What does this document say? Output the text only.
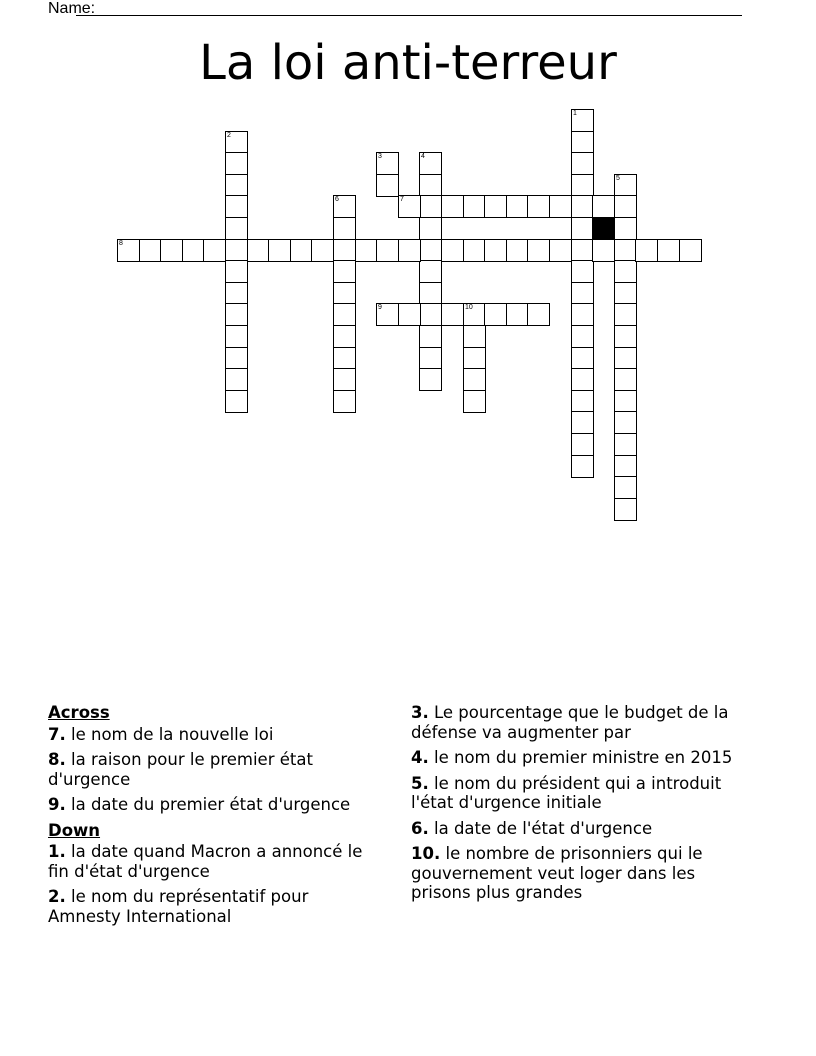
Name:
La loi anti-terreur
1
2
3	4
5
6	7
8
9	10
Across
7. le nom de la nouvelle loi
8. la raison pour le premier état d'urgence
9. la date du premier état d'urgence
Down
1. la date quand Macron a annoncé le fin d'état d'urgence
2. le nom du représentatif pour Amnesty International
3. Le pourcentage que le budget de la défense va augmenter par
4. le nom du premier ministre en 2015
5. le nom du président qui a introduit l'état d'urgence initiale
6. la date de l'état d'urgence
10. le nombre de prisonniers qui le gouvernement veut loger dans les prisons plus grandes
